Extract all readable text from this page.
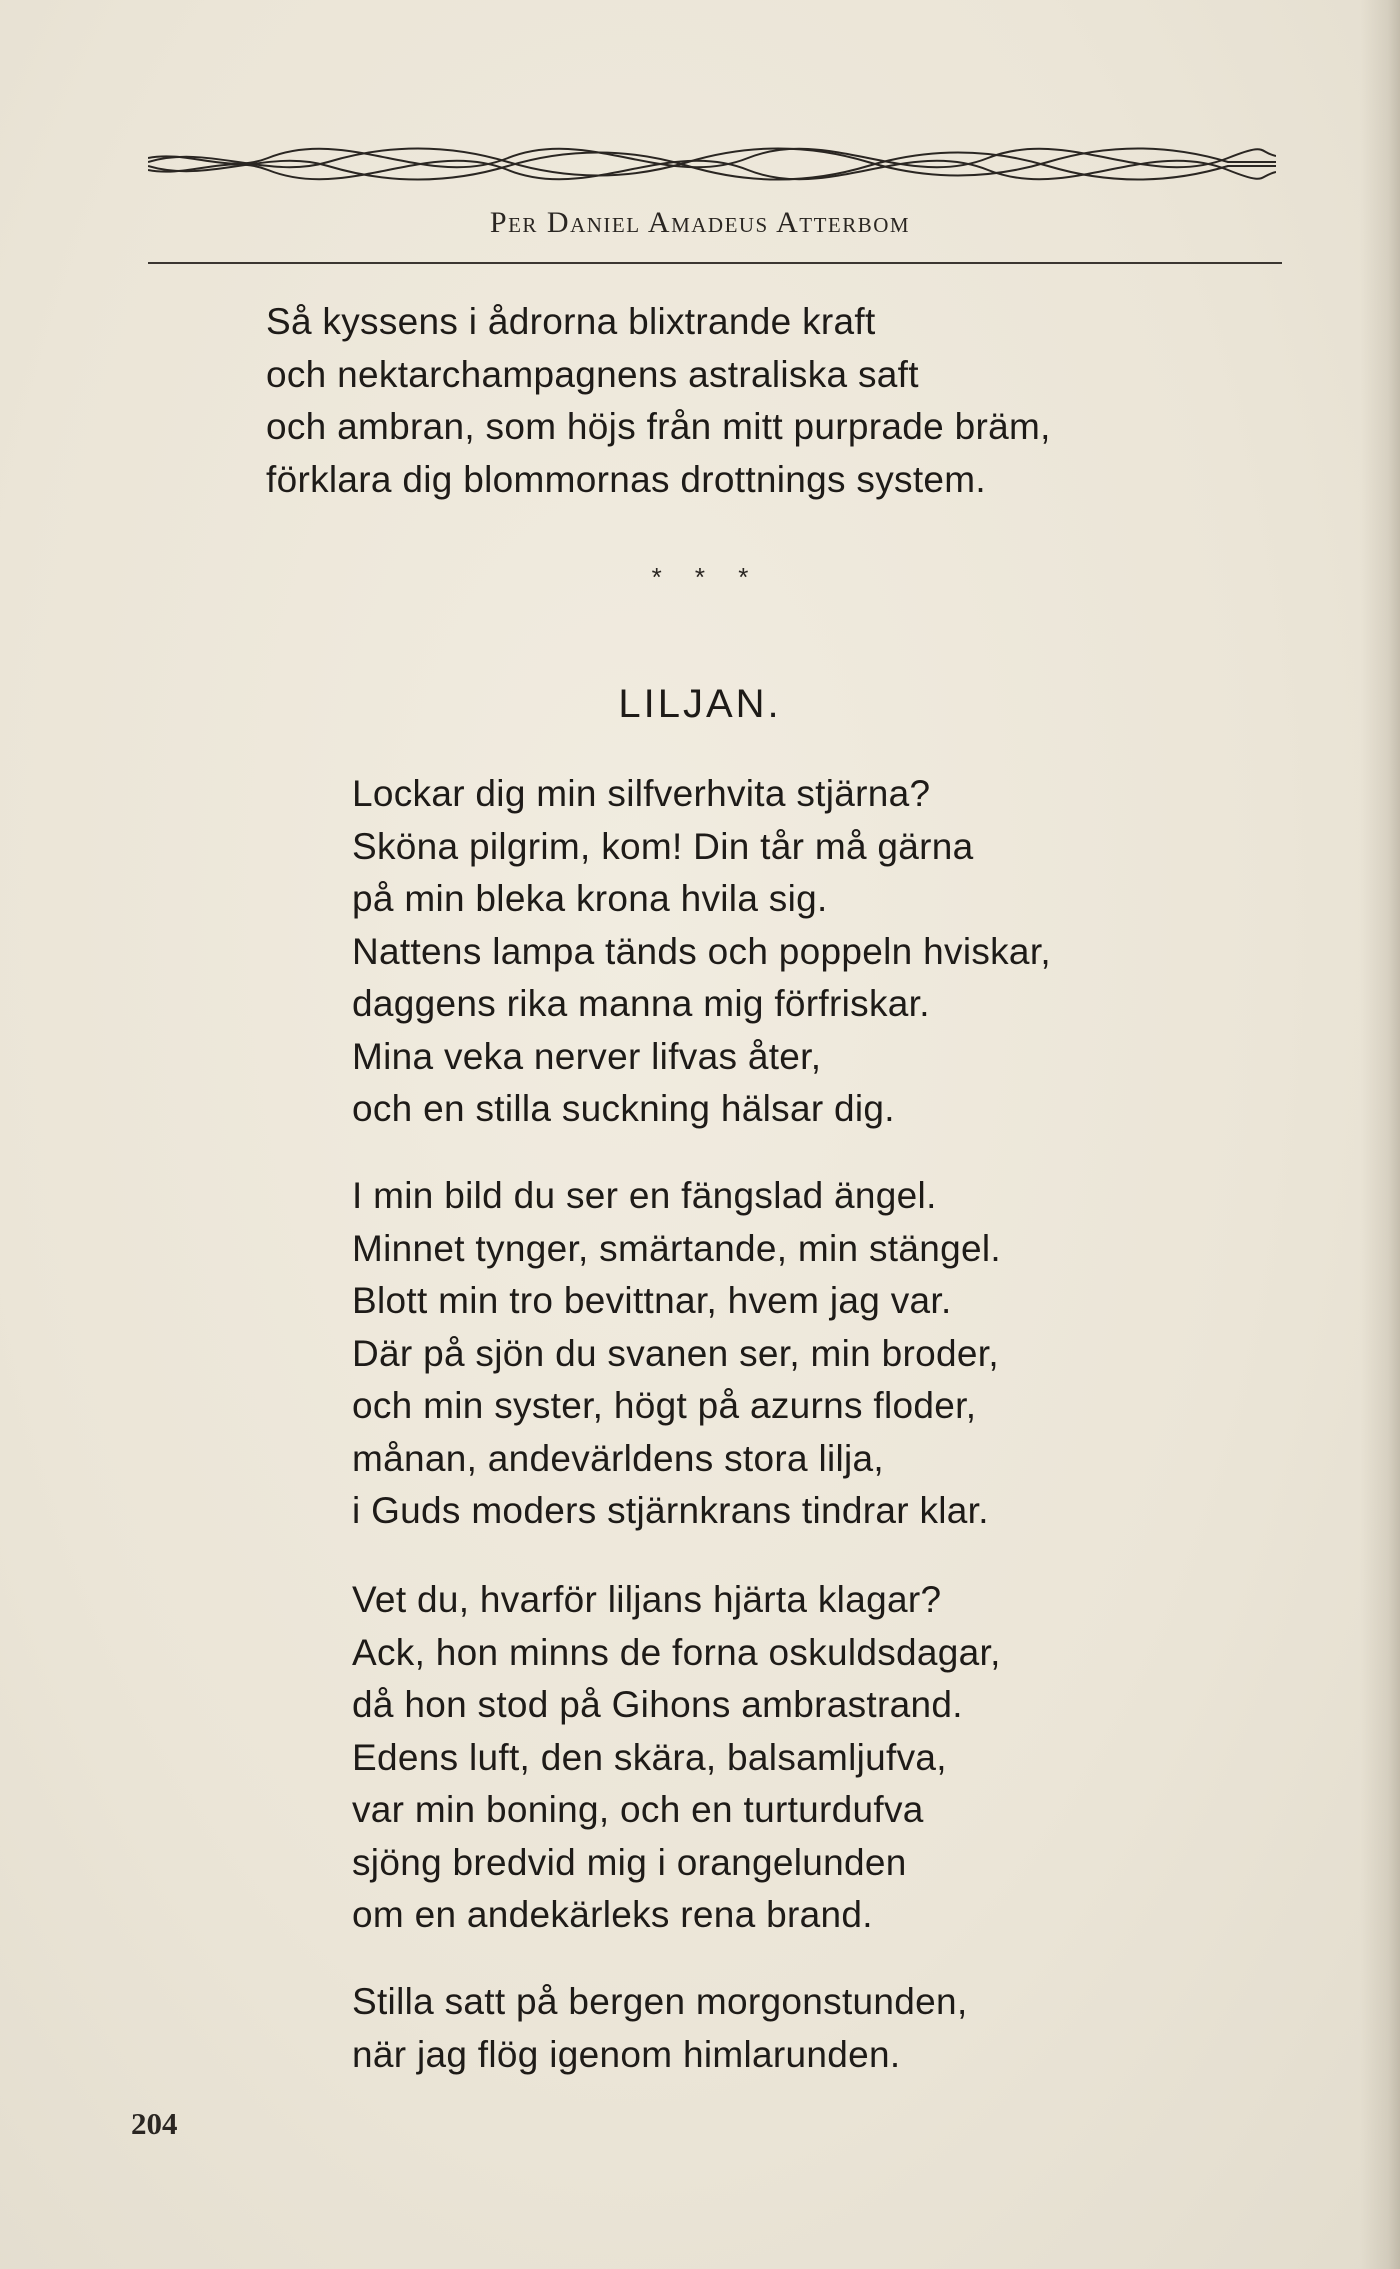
Per Daniel Amadeus Atterbom
Så kyssens i ådrorna blixtrande kraft
och nektarchampagnens astraliska saft
och ambran, som höjs från mitt purprade bräm,
förklara dig blommornas drottnings system.
* * *
LILJAN.
Lockar dig min silfverhvita stjärna?
Sköna pilgrim, kom! Din tår må gärna
på min bleka krona hvila sig.
Nattens lampa tänds och poppeln hviskar,
daggens rika manna mig förfriskar.
Mina veka nerver lifvas åter,
och en stilla suckning hälsar dig.
I min bild du ser en fängslad ängel.
Minnet tynger, smärtande, min stängel.
Blott min tro bevittnar, hvem jag var.
Där på sjön du svanen ser, min broder,
och min syster, högt på azurns floder,
månan, andevärldens stora lilja,
i Guds moders stjärnkrans tindrar klar.
Vet du, hvarför liljans hjärta klagar?
Ack, hon minns de forna oskuldsdagar,
då hon stod på Gihons ambrastrand.
Edens luft, den skära, balsamljufva,
var min boning, och en turturdufva
sjöng bredvid mig i orangelunden
om en andekärleks rena brand.
Stilla satt på bergen morgonstunden,
när jag flög igenom himlarunden.
204
